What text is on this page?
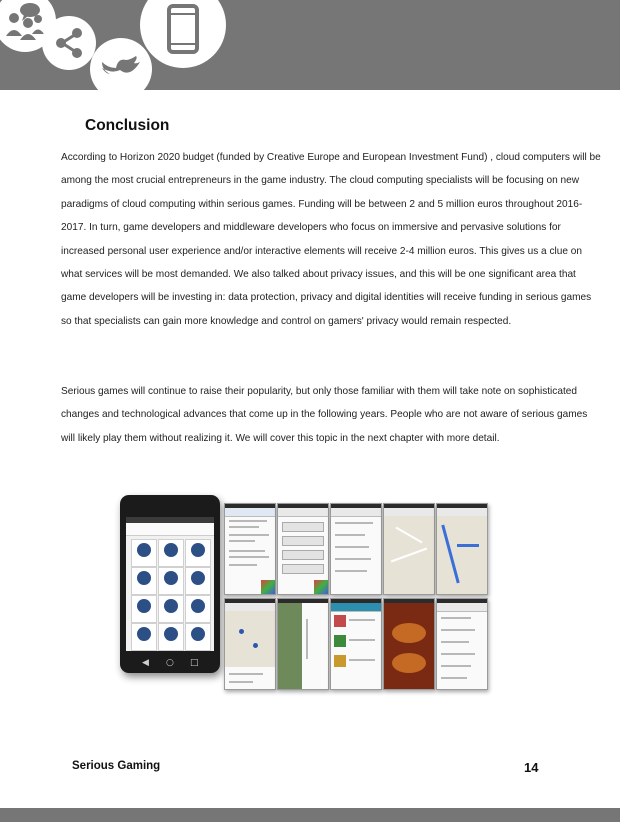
Conclusion

According to Horizon 2020 budget (funded by Creative Europe and European Investment Fund) , cloud computers will be among the most crucial entrepreneurs in the game industry. The cloud computing specialists will be focusing on new paradigms of cloud computing within serious games. Funding will be between 2 and 5 million euros throughout 2016-2017. In turn, game developers and middleware developers who focus on immersive and pervasive solutions for increased personal user experience and/or interactive elements will receive 2-4 million euros. This gives us a clue on what services will be most demanded. We also talked about privacy issues, and this will be one significant area that game developers will be investing in: data protection, privacy and digital identities will receive funding in serious games so that specialists can gain more knowledge and control on gamers' privacy would remain respected.

Serious games will continue to raise their popularity, but only those familiar with them will take note on sophisticated changes and technological advances that come up in the following years. People who are not aware of serious games will likely play them without realizing it. We will cover this topic in the next chapter with more detail.

◀ ○ □
Serious Gaming	14
